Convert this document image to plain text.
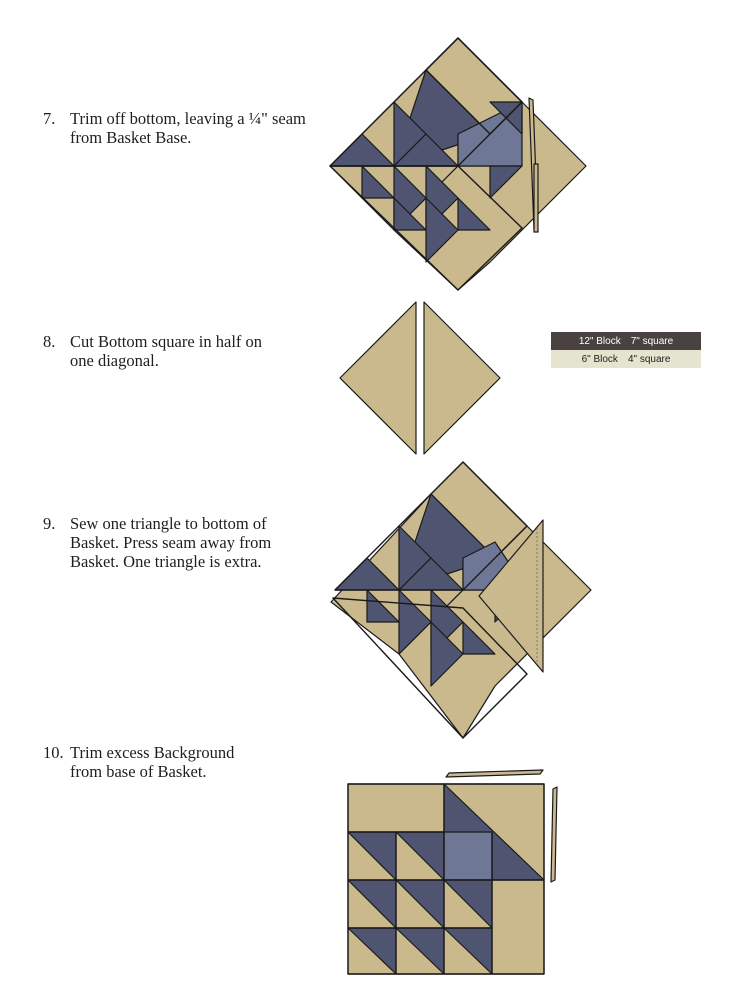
7. Trim off bottom, leaving a ¼" seam
from Basket Base.
8. Cut Bottom square in half on
one diagonal.
9. Sew one triangle to bottom of
Basket. Press seam away from
Basket. One triangle is extra.
10. Trim excess Background
from base of Basket.
12" Block 7" square
6" Block 4" square
